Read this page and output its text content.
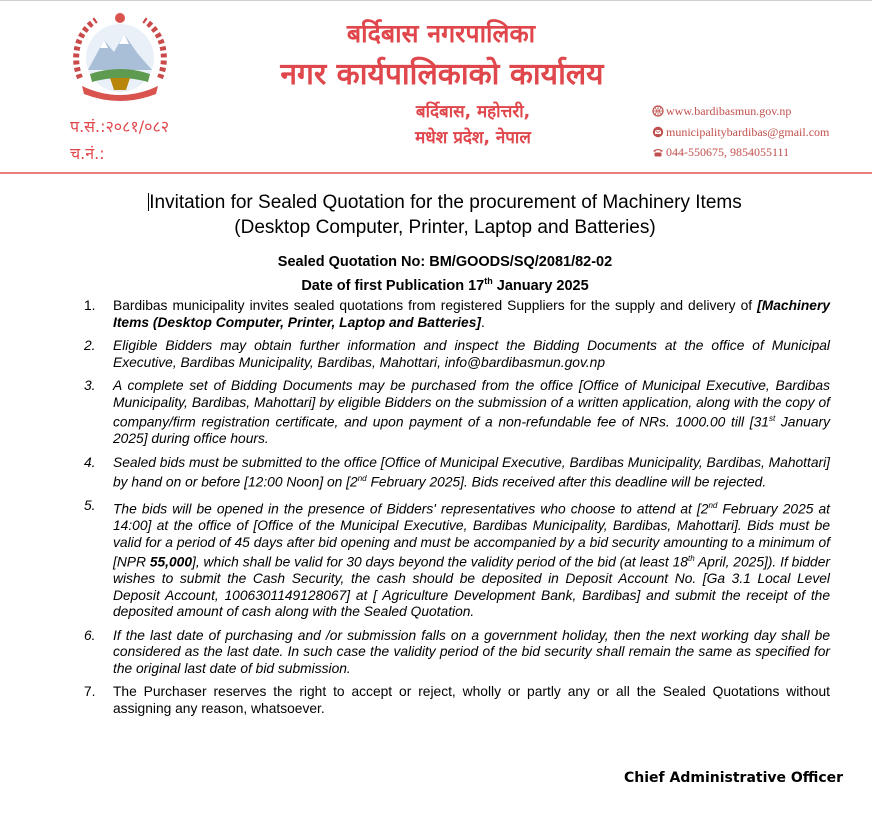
बर्दिबास नगरपालिका
नगर कार्यपालिकाको कार्यालय
बर्दिबास, महोत्तरी,
मधेश प्रदेश, नेपाल
प.सं.:२०८१/०८२
च.नं.:
www.bardibasmun.gov.np
municipalitybardibas@gmail.com
044-550675, 9854055111
Invitation for Sealed Quotation for the procurement of Machinery Items
(Desktop Computer, Printer, Laptop and Batteries)
Sealed Quotation No: BM/GOODS/SQ/2081/82-02
Date of first Publication 17th January 2025
1. Bardibas municipality invites sealed quotations from registered Suppliers for the supply and delivery of [Machinery Items (Desktop Computer, Printer, Laptop and Batteries].
2. Eligible Bidders may obtain further information and inspect the Bidding Documents at the office of Municipal Executive, Bardibas Municipality, Bardibas, Mahottari, info@bardibasmun.gov.np
3. A complete set of Bidding Documents may be purchased from the office [Office of Municipal Executive, Bardibas Municipality, Bardibas, Mahottari] by eligible Bidders on the submission of a written application, along with the copy of company/firm registration certificate, and upon payment of a non-refundable fee of NRs. 1000.00 till [31st January 2025] during office hours.
4. Sealed bids must be submitted to the office [Office of Municipal Executive, Bardibas Municipality, Bardibas, Mahottari] by hand on or before [12:00 Noon] on [2nd February 2025]. Bids received after this deadline will be rejected.
5. The bids will be opened in the presence of Bidders' representatives who choose to attend at [2nd February 2025 at 14:00] at the office of [Office of the Municipal Executive, Bardibas Municipality, Bardibas, Mahottari]. Bids must be valid for a period of 45 days after bid opening and must be accompanied by a bid security amounting to a minimum of [NPR 55,000], which shall be valid for 30 days beyond the validity period of the bid (at least 18th April, 2025]). If bidder wishes to submit the Cash Security, the cash should be deposited in Deposit Account No. [Ga 3.1 Local Level Deposit Account, 1006301149128067] at [ Agriculture Development Bank, Bardibas] and submit the receipt of the deposited amount of cash along with the Sealed Quotation.
6. If the last date of purchasing and /or submission falls on a government holiday, then the next working day shall be considered as the last date. In such case the validity period of the bid security shall remain the same as specified for the original last date of bid submission.
7. The Purchaser reserves the right to accept or reject, wholly or partly any or all the Sealed Quotations without assigning any reason, whatsoever.
Chief Administrative Officer
